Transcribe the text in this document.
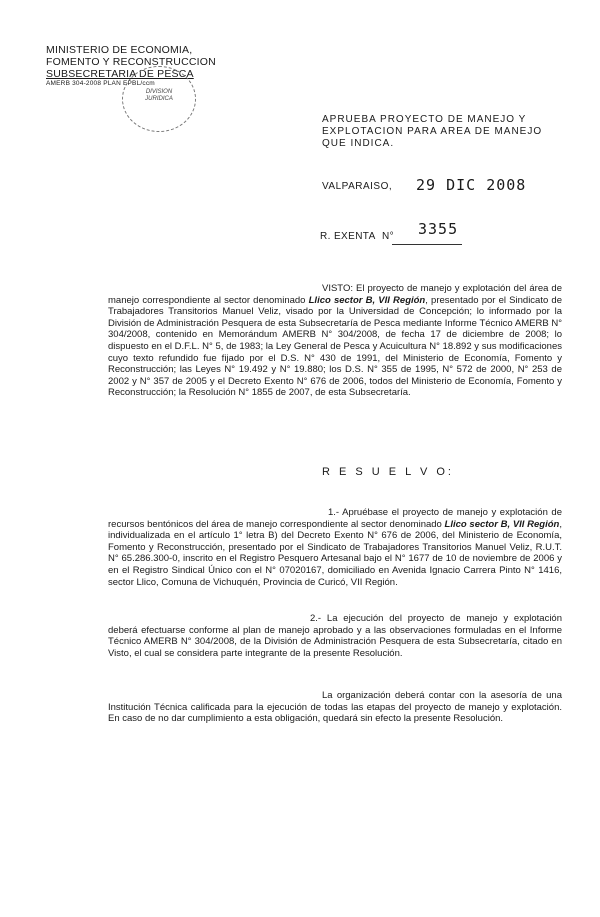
MINISTERIO DE ECONOMIA,
FOMENTO Y RECONSTRUCCION
SUBSECRETARIA DE PESCA
AMERB 304-2008 PLAN EPBL/ccm
DIVISION
JURIDICA
APRUEBA PROYECTO DE MANEJO Y EXPLOTACION PARA AREA DE MANEJO QUE INDICA.
VALPARAISO, 29 DIC 2008
R. EXENTA N° 3355

VISTO: El proyecto de manejo y explotación del área de manejo correspondiente al sector denominado Llico sector B, VII Región, presentado por el Sindicato de Trabajadores Transitorios Manuel Veliz, visado por la Universidad de Concepción; lo informado por la División de Administración Pesquera de esta Subsecretaría de Pesca mediante Informe Técnico AMERB N° 304/2008, contenido en Memorándum AMERB N° 304/2008, de fecha 17 de diciembre de 2008; lo dispuesto en el D.F.L. N° 5, de 1983; la Ley General de Pesca y Acuicultura N° 18.892 y sus modificaciones cuyo texto refundido fue fijado por el D.S. N° 430 de 1991, del Ministerio de Economía, Fomento y Reconstrucción; las Leyes N° 19.492 y N° 19.880; los D.S. N° 355 de 1995, N° 572 de 2000, N° 253 de 2002 y N° 357 de 2005 y el Decreto Exento N° 676 de 2006, todos del Ministerio de Economía, Fomento y Reconstrucción; la Resolución N° 1855 de 2007, de esta Subsecretaría.

R E S U E L V O:

1.- Apruébase el proyecto de manejo y explotación de recursos bentónicos del área de manejo correspondiente al sector denominado Llico sector B, VII Región, individualizada en el artículo 1° letra B) del Decreto Exento N° 676 de 2006, del Ministerio de Economía, Fomento y Reconstrucción, presentado por el Sindicato de Trabajadores Transitorios Manuel Veliz, R.U.T. N° 65.286.300-0, inscrito en el Registro Pesquero Artesanal bajo el N° 1677 de 10 de noviembre de 2006 y en el Registro Sindical Único con el N° 07020167, domiciliado en Avenida Ignacio Carrera Pinto N° 1416, sector Llico, Comuna de Vichuquén, Provincia de Curicó, VII Región.

2.- La ejecución del proyecto de manejo y explotación deberá efectuarse conforme al plan de manejo aprobado y a las observaciones formuladas en el Informe Técnico AMERB N° 304/2008, de la División de Administración Pesquera de esta Subsecretaría, citado en Visto, el cual se considera parte integrante de la presente Resolución.

La organización deberá contar con la asesoría de una Institución Técnica calificada para la ejecución de todas las etapas del proyecto de manejo y explotación. En caso de no dar cumplimiento a esta obligación, quedará sin efecto la presente Resolución.
